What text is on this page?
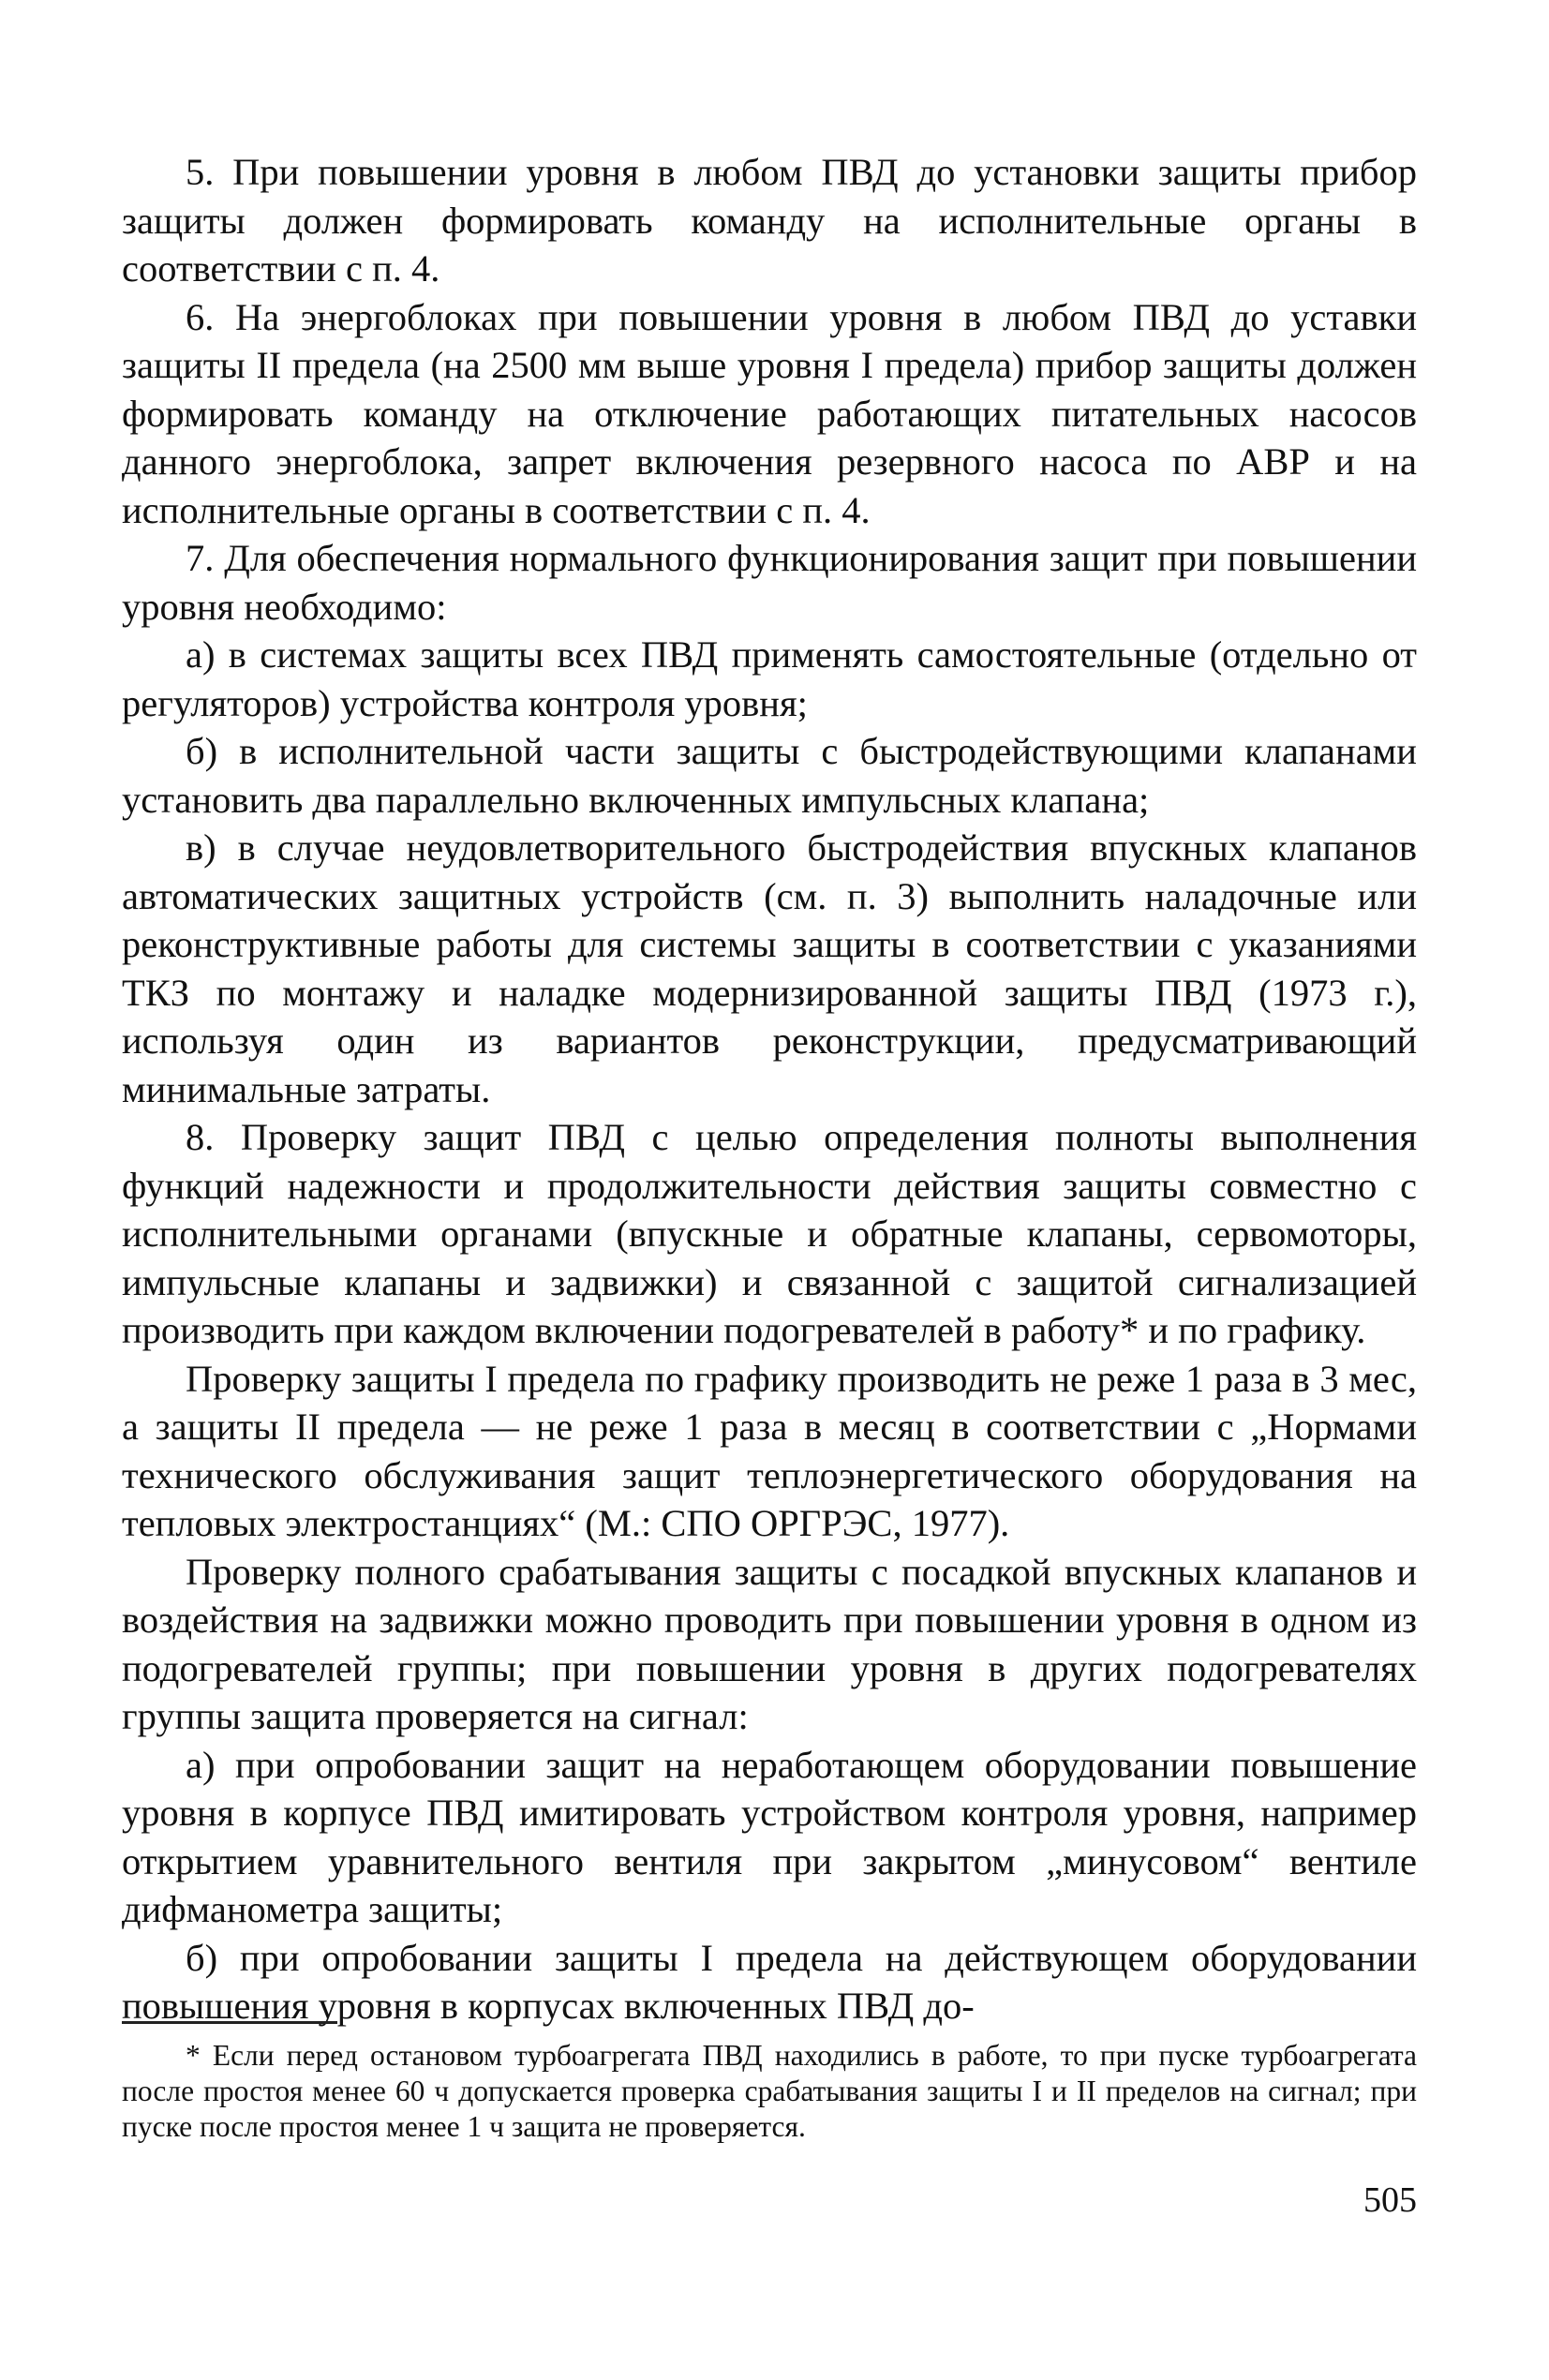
5. При повышении уровня в любом ПВД до установки защиты прибор защиты должен формировать команду на исполнительные органы в соответствии с п. 4.

6. На энергоблоках при повышении уровня в любом ПВД до уставки защиты II предела (на 2500 мм выше уровня I предела) прибор защиты должен формировать команду на отключение работающих питательных насосов данного энергоблока, запрет включения резервного насоса по АВР и на исполнительные органы в соответствии с п. 4.

7. Для обеспечения нормального функционирования защит при повышении уровня необходимо:

а) в системах защиты всех ПВД применять самостоятельные (отдельно от регуляторов) устройства контроля уровня;

б) в исполнительной части защиты с быстродействующими клапанами установить два параллельно включенных импульсных клапана;

в) в случае неудовлетворительного быстродействия впускных клапанов автоматических защитных устройств (см. п. 3) выполнить наладочные или реконструктивные работы для системы защиты в соответствии с указаниями ТКЗ по монтажу и наладке модернизированной защиты ПВД (1973 г.), используя один из вариантов реконструкции, предусматривающий минимальные затраты.

8. Проверку защит ПВД с целью определения полноты выполнения функций надежности и продолжительности действия защиты совместно с исполнительными органами (впускные и обратные клапаны, сервомоторы, импульсные клапаны и задвижки) и связанной с защитой сигнализацией производить при каждом включении подогревателей в работу* и по графику.

Проверку защиты I предела по графику производить не реже 1 раза в 3 мес, а защиты II предела — не реже 1 раза в месяц в соответствии с „Нормами технического обслуживания защит теплоэнергетического оборудования на тепловых электростанциях“ (М.: СПО ОРГРЭС, 1977).

Проверку полного срабатывания защиты с посадкой впускных клапанов и воздействия на задвижки можно проводить при повышении уровня в одном из подогревателей группы; при повышении уровня в других подогревателях группы защита проверяется на сигнал:

а) при опробовании защит на неработающем оборудовании повышение уровня в корпусе ПВД имитировать устройством контроля уровня, например открытием уравнительного вентиля при закрытом „минусовом“ вентиле дифманометра защиты;

б) при опробовании защиты I предела на действующем оборудовании повышения уровня в корпусах включенных ПВД до-

* Если перед остановом турбоагрегата ПВД находились в работе, то при пуске турбоагрегата после простоя менее 60 ч допускается проверка срабатывания защиты I и II пределов на сигнал; при пуске после простоя менее 1 ч защита не проверяется.

505
